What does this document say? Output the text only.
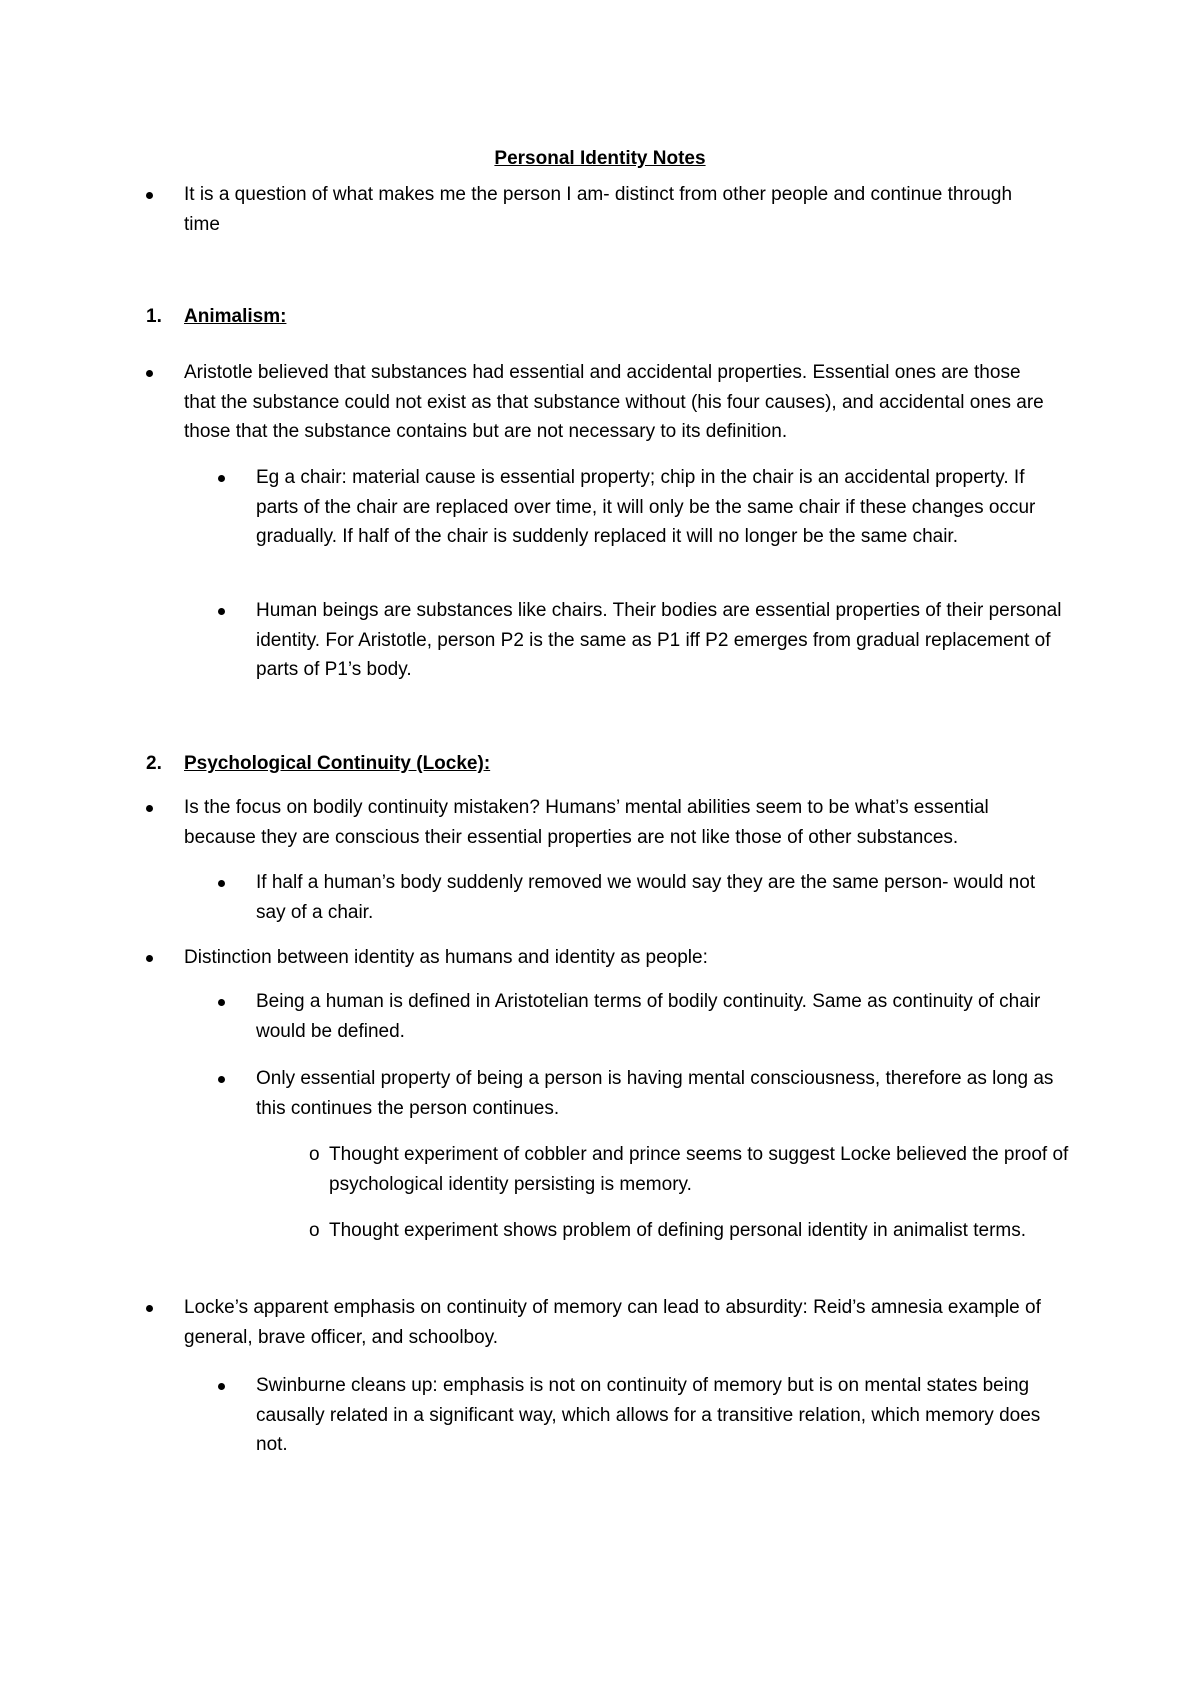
Personal Identity Notes
It is a question of what makes me the person I am- distinct from other people and continue through time
1. Animalism:
Aristotle believed that substances had essential and accidental properties. Essential ones are those that the substance could not exist as that substance without (his four causes), and accidental ones are those that the substance contains but are not necessary to its definition.
Eg a chair: material cause is essential property; chip in the chair is an accidental property. If parts of the chair are replaced over time, it will only be the same chair if these changes occur gradually. If half of the chair is suddenly replaced it will no longer be the same chair.
Human beings are substances like chairs. Their bodies are essential properties of their personal identity. For Aristotle, person P2 is the same as P1 iff P2 emerges from gradual replacement of parts of P1’s body.
2. Psychological Continuity (Locke):
Is the focus on bodily continuity mistaken? Humans’ mental abilities seem to be what’s essential because they are conscious their essential properties are not like those of other substances.
If half a human’s body suddenly removed we would say they are the same person- would not say of a chair.
Distinction between identity as humans and identity as people:
Being a human is defined in Aristotelian terms of bodily continuity. Same as continuity of chair would be defined.
Only essential property of being a person is having mental consciousness, therefore as long as this continues the person continues.
o Thought experiment of cobbler and prince seems to suggest Locke believed the proof of psychological identity persisting is memory.
o Thought experiment shows problem of defining personal identity in animalist terms.
Locke’s apparent emphasis on continuity of memory can lead to absurdity: Reid’s amnesia example of general, brave officer, and schoolboy.
Swinburne cleans up: emphasis is not on continuity of memory but is on mental states being causally related in a significant way, which allows for a transitive relation, which memory does not.
